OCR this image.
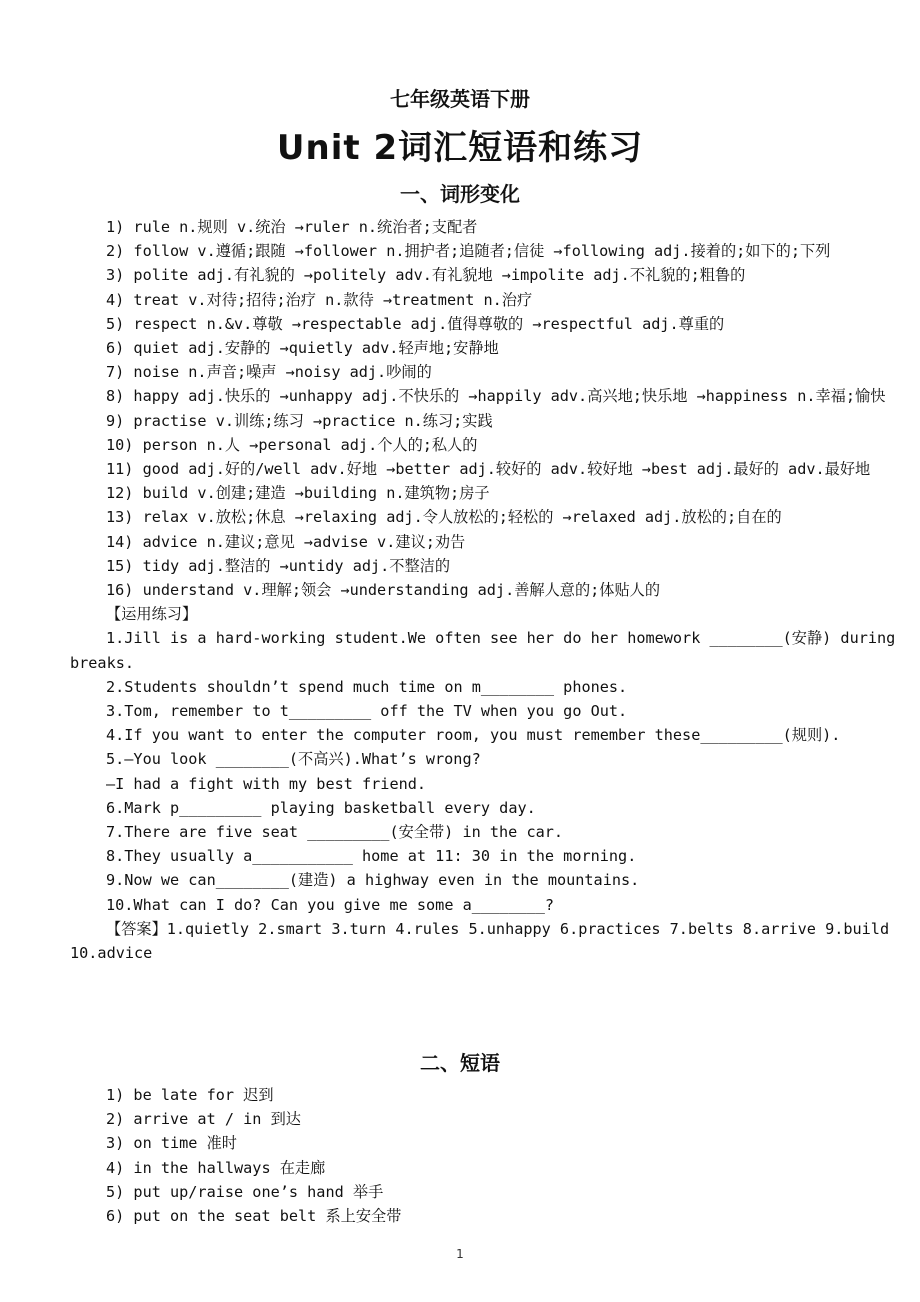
七年级英语下册
Unit 2词汇短语和练习
一、词形变化

1) rule n.规则 v.统治 →ruler n.统治者;支配者

2) follow v.遵循;跟随 →follower n.拥护者;追随者;信徒 →following adj.接着的;如下的;下列

3) polite adj.有礼貌的 →politely adv.有礼貌地 →impolite adj.不礼貌的;粗鲁的

4) treat v.对待;招待;治疗 n.款待 →treatment n.治疗

5) respect n.&v.尊敬 →respectable adj.值得尊敬的 →respectful adj.尊重的

6) quiet adj.安静的 →quietly adv.轻声地;安静地

7) noise n.声音;噪声 →noisy adj.吵闹的

8) happy adj.快乐的 →unhappy adj.不快乐的 →happily adv.高兴地;快乐地 →happiness n.幸福;愉快

9) practise v.训练;练习 →practice n.练习;实践

10) person n.人 →personal adj.个人的;私人的

11) good adj.好的/well adv.好地 →better adj.较好的 adv.较好地 →best adj.最好的 adv.最好地

12) build v.创建;建造 →building n.建筑物;房子

13) relax v.放松;休息 →relaxing adj.令人放松的;轻松的 →relaxed adj.放松的;自在的

14) advice n.建议;意见 →advise v.建议;劝告

15) tidy adj.整洁的 →untidy adj.不整洁的

16) understand v.理解;领会 →understanding adj.善解人意的;体贴人的

【运用练习】

1.Jill is a hard-working student.We often see her do her homework ________(安静) during breaks.

2.Students shouldn’t spend much time on m________ phones.

3.Tom, remember to t_________ off the TV when you go Out.

4.If you want to enter the computer room, you must remember these_________(规则).

5.—You look ________(不高兴).What’s wrong?

—I had a fight with my best friend.

6.Mark p_________ playing basketball every day.

7.There are five seat _________(安全带) in the car.

8.They usually a___________ home at 11: 30 in the morning.

9.Now we can________(建造) a highway even in the mountains.

10.What can I do? Can you give me some a________?

【答案】1.quietly 2.smart 3.turn 4.rules 5.unhappy 6.practices 7.belts 8.arrive 9.build 10.advice

二、短语

1) be late for 迟到

2) arrive at / in 到达

3) on time 准时

4) in the hallways 在走廊

5) put up/raise one’s hand 举手

6) put on the seat belt 系上安全带

1
